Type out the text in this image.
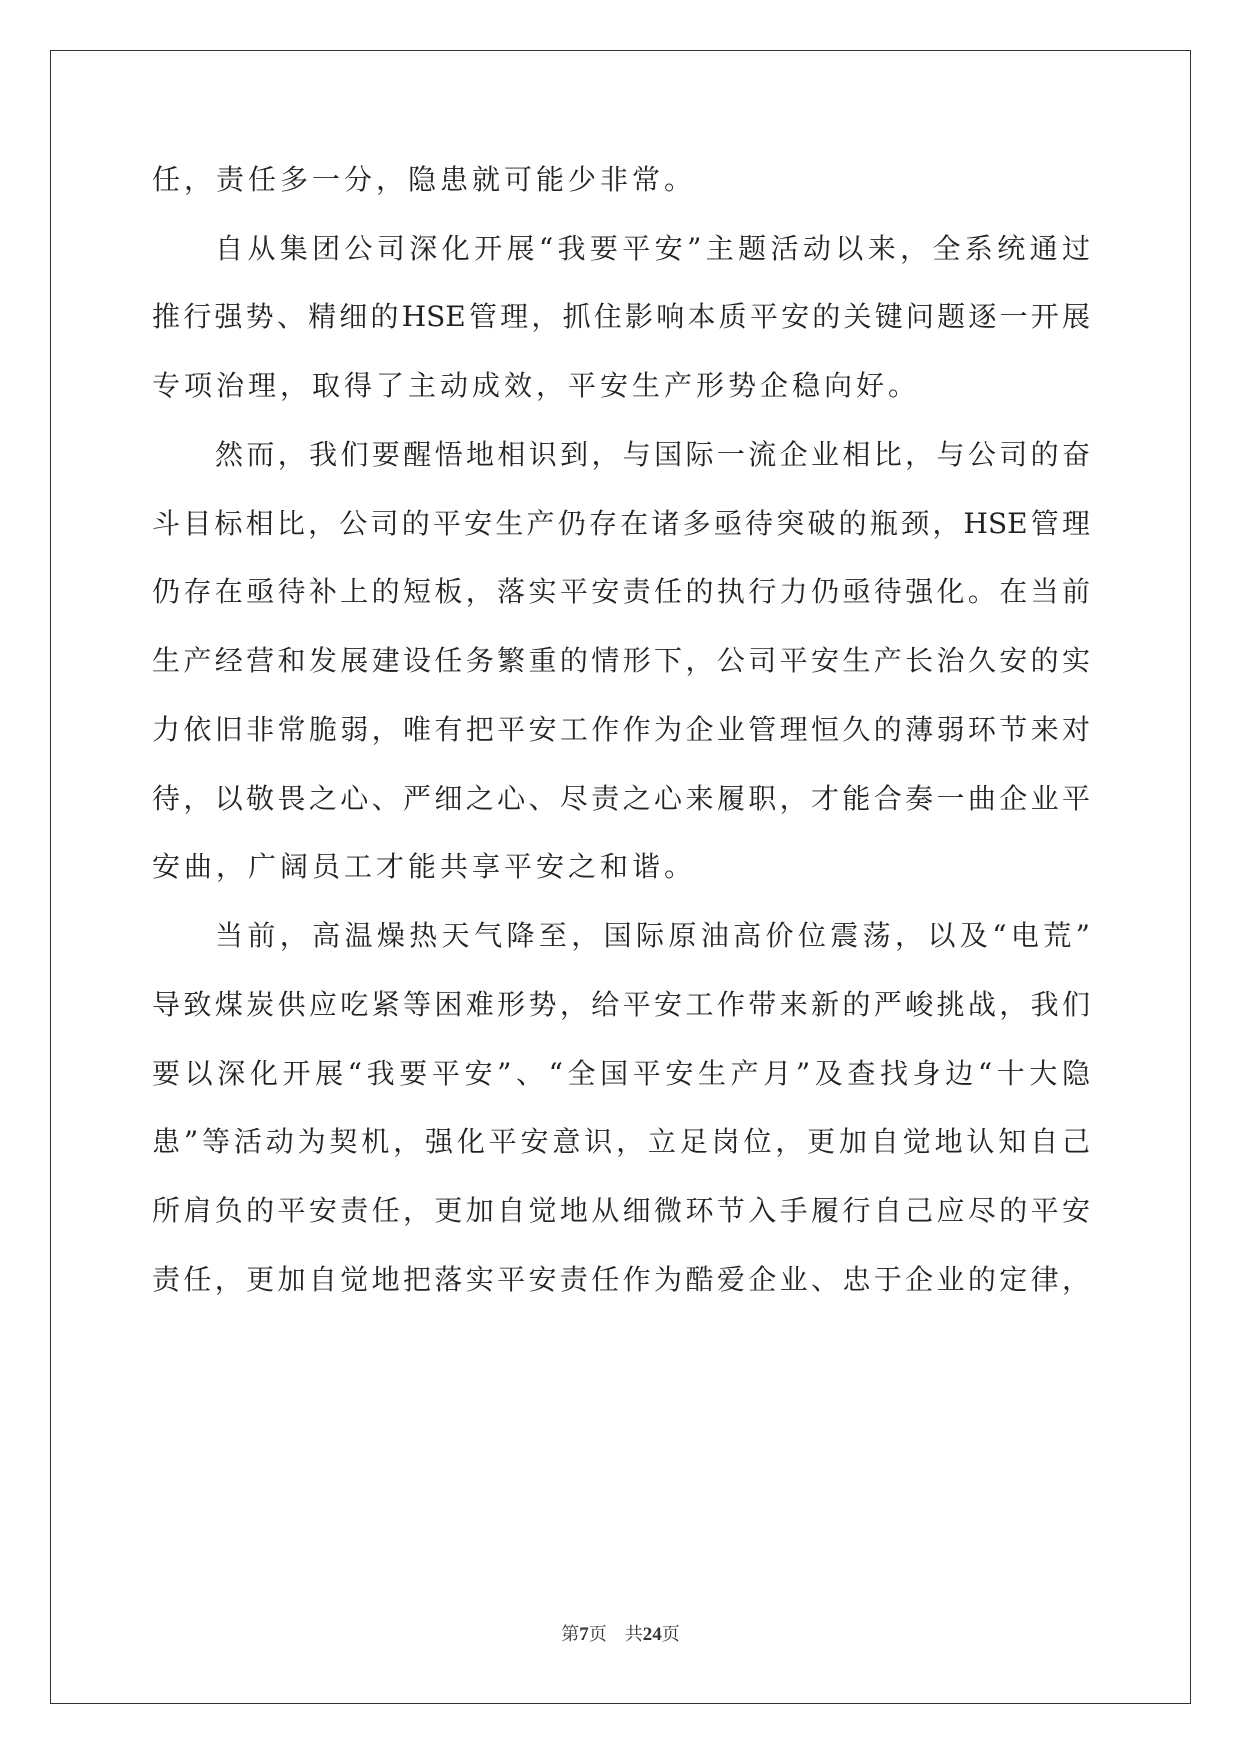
任，责任多一分，隐患就可能少非常。
自从集团公司深化开展“我要平安”主题活动以来，全系统通过
推行强势、精细的HSE管理，抓住影响本质平安的关键问题逐一开展
专项治理，取得了主动成效，平安生产形势企稳向好。
然而，我们要醒悟地相识到，与国际一流企业相比，与公司的奋
斗目标相比，公司的平安生产仍存在诸多亟待突破的瓶颈，HSE管理
仍存在亟待补上的短板，落实平安责任的执行力仍亟待强化。在当前
生产经营和发展建设任务繁重的情形下，公司平安生产长治久安的实
力依旧非常脆弱，唯有把平安工作作为企业管理恒久的薄弱环节来对
待，以敬畏之心、严细之心、尽责之心来履职，才能合奏一曲企业平
安曲，广阔员工才能共享平安之和谐。
当前，高温燥热天气降至，国际原油高价位震荡，以及“电荒”
导致煤炭供应吃紧等困难形势，给平安工作带来新的严峻挑战，我们
要以深化开展“我要平安”、“全国平安生产月”及查找身边“十大隐
患”等活动为契机，强化平安意识，立足岗位，更加自觉地认知自己
所肩负的平安责任，更加自觉地从细微环节入手履行自己应尽的平安
责任，更加自觉地把落实平安责任作为酷爱企业、忠于企业的定律，
第7页 共24页
